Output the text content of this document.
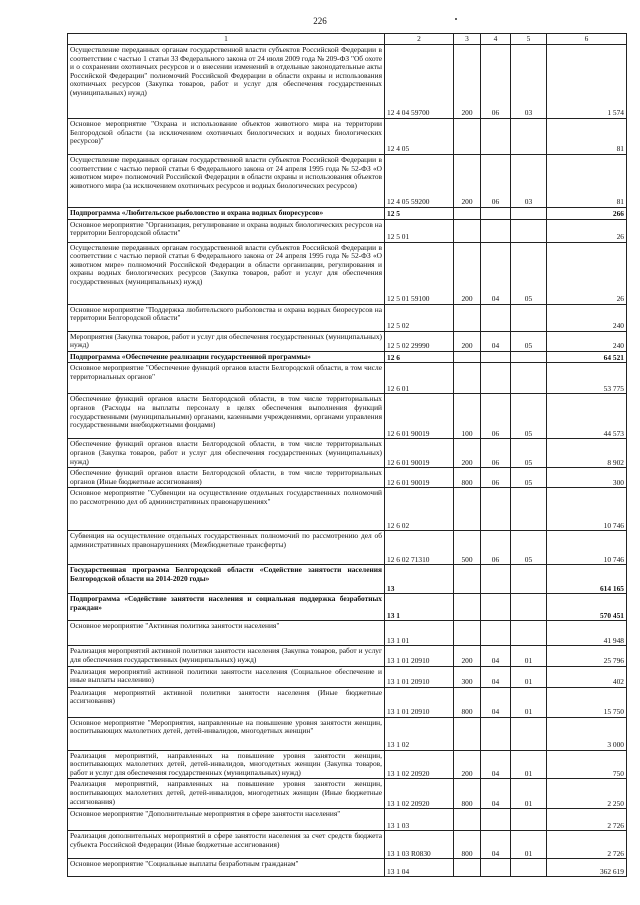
226
1	2	3	4	5	6
Осуществление переданных органам государственной власти субъектов Российской Федерации в соответствии с частью 1 статьи 33 Федерального закона от 24 июля 2009 года № 209-ФЗ "Об охоте и о сохранении охотничьих ресурсов и о внесении изменений в отдельные законодательные акты Российской Федерации" полномочий Российской Федерации в области охраны и использования охотничьих ресурсов (Закупка товаров, работ и услуг для обеспечения государственных (муниципальных) нужд)	12 4 04 59700	200	06	03	1 574
Основное мероприятие "Охрана и использование объектов животного мира на территории Белгородской области (за исключением охотничьих биологических и водных биологических ресурсов)"	12 4 05				81
Осуществление переданных органам государственной власти субъектов Российской Федерации в соответствии с частью первой статьи 6 Федерального закона от 24 апреля 1995 года № 52-ФЗ «О животном мире» полномочий Российской Федерации в области охраны и использования объектов животного мира (за исключением охотничьих ресурсов и водных биологических ресурсов)	12 4 05 59200	200	06	03	81
Подпрограмма «Любительское рыболовство и охрана водных биоресурсов»	12 5				266
Основное мероприятие "Организация, регулирование и охрана водных биологических ресурсов на территории Белгородской области"	12 5 01				26
Осуществление переданных органам государственной власти субъектов Российской Федерации в соответствии с частью первой статьи 6 Федерального закона от 24 апреля 1995 года № 52-ФЗ «О животном мире» полномочий Российской Федерации в области организации, регулирования и охраны водных биологических ресурсов (Закупка товаров, работ и услуг для обеспечения государственных (муниципальных) нужд)	12 5 01 59100	200	04	05	26
Основное мероприятие "Поддержка любительского рыболовства и охрана водных биоресурсов на территории Белгородской области"	12 5 02				240
Мероприятия (Закупка товаров, работ и услуг для обеспечения государственных (муниципальных) нужд)	12 5 02 29990	200	04	05	240
Подпрограмма «Обеспечение реализации государственной программы»	12 6				64 521
Основное мероприятие "Обеспечение функций органов власти Белгородской области, в том числе территориальных органов"	12 6 01				53 775
Обеспечение функций органов власти Белгородской области, в том числе территориальных органов (Расходы на выплаты персоналу в целях обеспечения выполнения функций государственными (муниципальными) органами, казенными учреждениями, органами управления государственными внебюджетными фондами)	12 6 01 90019	100	06	05	44 573
Обеспечение функций органов власти Белгородской области, в том числе территориальных органов (Закупка товаров, работ и услуг для обеспечения государственных (муниципальных) нужд)	12 6 01 90019	200	06	05	8 902
Обеспечение функций органов власти Белгородской области, в том числе территориальных органов (Иные бюджетные ассигнования)	12 6 01 90019	800	06	05	300
Основное мероприятие "Субвенции на осуществление отдельных государственных полномочий по рассмотрению дел об административных правонарушениях"	12 6 02				10 746
Субвенция на осуществление отдельных государственных полномочий по рассмотрению дел об административных правонарушениях (Межбюджетные трансферты)	12 6 02 71310	500	06	05	10 746
Государственная программа Белгородской области «Содействие занятости населения Белгородской области на 2014-2020 годы»	13				614 165
Подпрограмма «Содействие занятости населения и социальная поддержка безработных граждан»	13 1				570 451
Основное мероприятие "Активная политика занятости населения"	13 1 01				41 948
Реализация мероприятий активной политики занятости населения (Закупка товаров, работ и услуг для обеспечения государственных (муниципальных) нужд)	13 1 01 20910	200	04	01	25 796
Реализация мероприятий активной политики занятости населения (Социальное обеспечение и иные выплаты населению)	13 1 01 20910	300	04	01	402
Реализация мероприятий активной политики занятости населения (Иные бюджетные ассигнования)	13 1 01 20910	800	04	01	15 750
Основное мероприятие "Мероприятия, направленные на повышение уровня занятости женщин, воспитывающих малолетних детей, детей-инвалидов, многодетных женщин"	13 1 02				3 000
Реализация мероприятий, направленных на повышение уровня занятости женщин, воспитывающих малолетних детей, детей-инвалидов, многодетных женщин (Закупка товаров, работ и услуг для обеспечения государственных (муниципальных) нужд)	13 1 02 20920	200	04	01	750
Реализация мероприятий, направленных на повышение уровня занятости женщин, воспитывающих малолетних детей, детей-инвалидов, многодетных женщин (Иные бюджетные ассигнования)	13 1 02 20920	800	04	01	2 250
Основное мероприятие "Дополнительные мероприятия в сфере занятости населения"	13 1 03				2 726
Реализация дополнительных мероприятий в сфере занятости населения за счет средств бюджета субъекта Российской Федерации (Иные бюджетные ассигнования)	13 1 03 R0830	800	04	01	2 726
Основное мероприятие "Социальные выплаты безработным гражданам"	13 1 04				362 619
